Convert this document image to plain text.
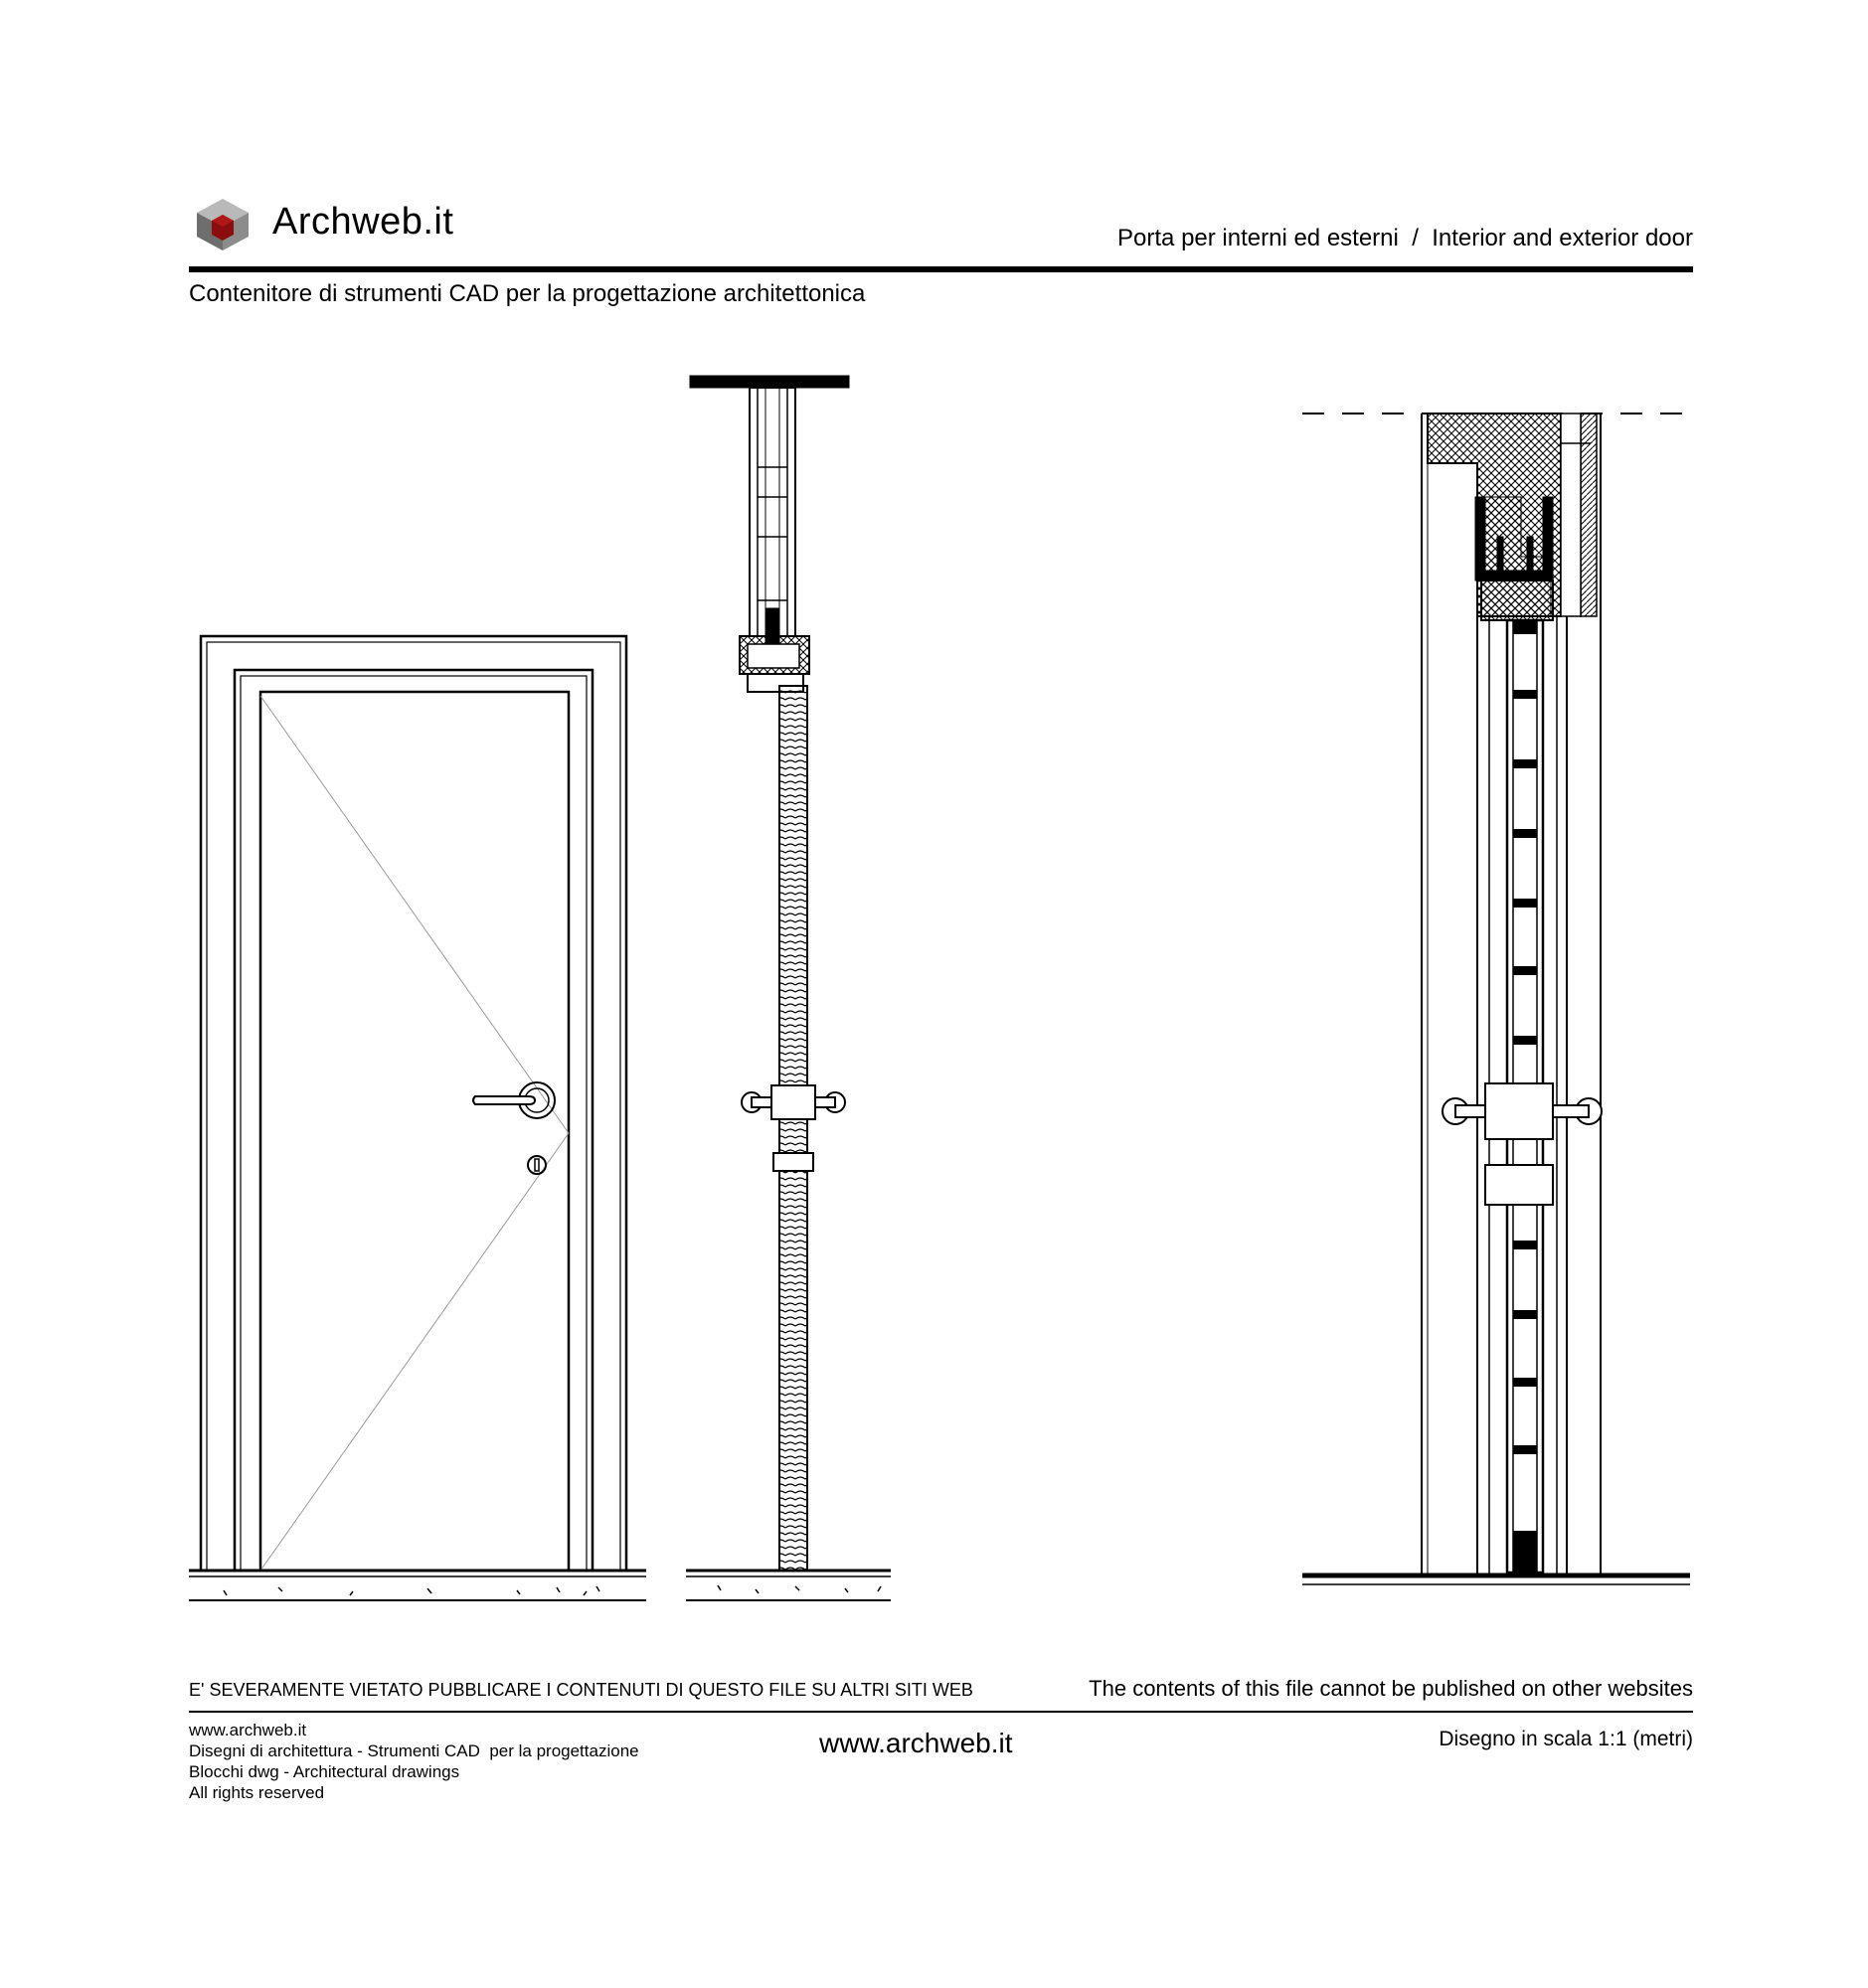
Archweb.it	Porta per interni ed esterni  /  Interior and exterior door
Contenitore di strumenti CAD per la progettazione architettonica
E' SEVERAMENTE VIETATO PUBBLICARE I CONTENUTI DI QUESTO FILE SU ALTRI SITI WEB	The contents of this file cannot be published on other websites
www.archweb.it
Disegni di architettura - Strumenti CAD  per la progettazione
Blocchi dwg - Architectural drawings
All rights reserved
www.archweb.it	Disegno in scala 1:1 (metri)
